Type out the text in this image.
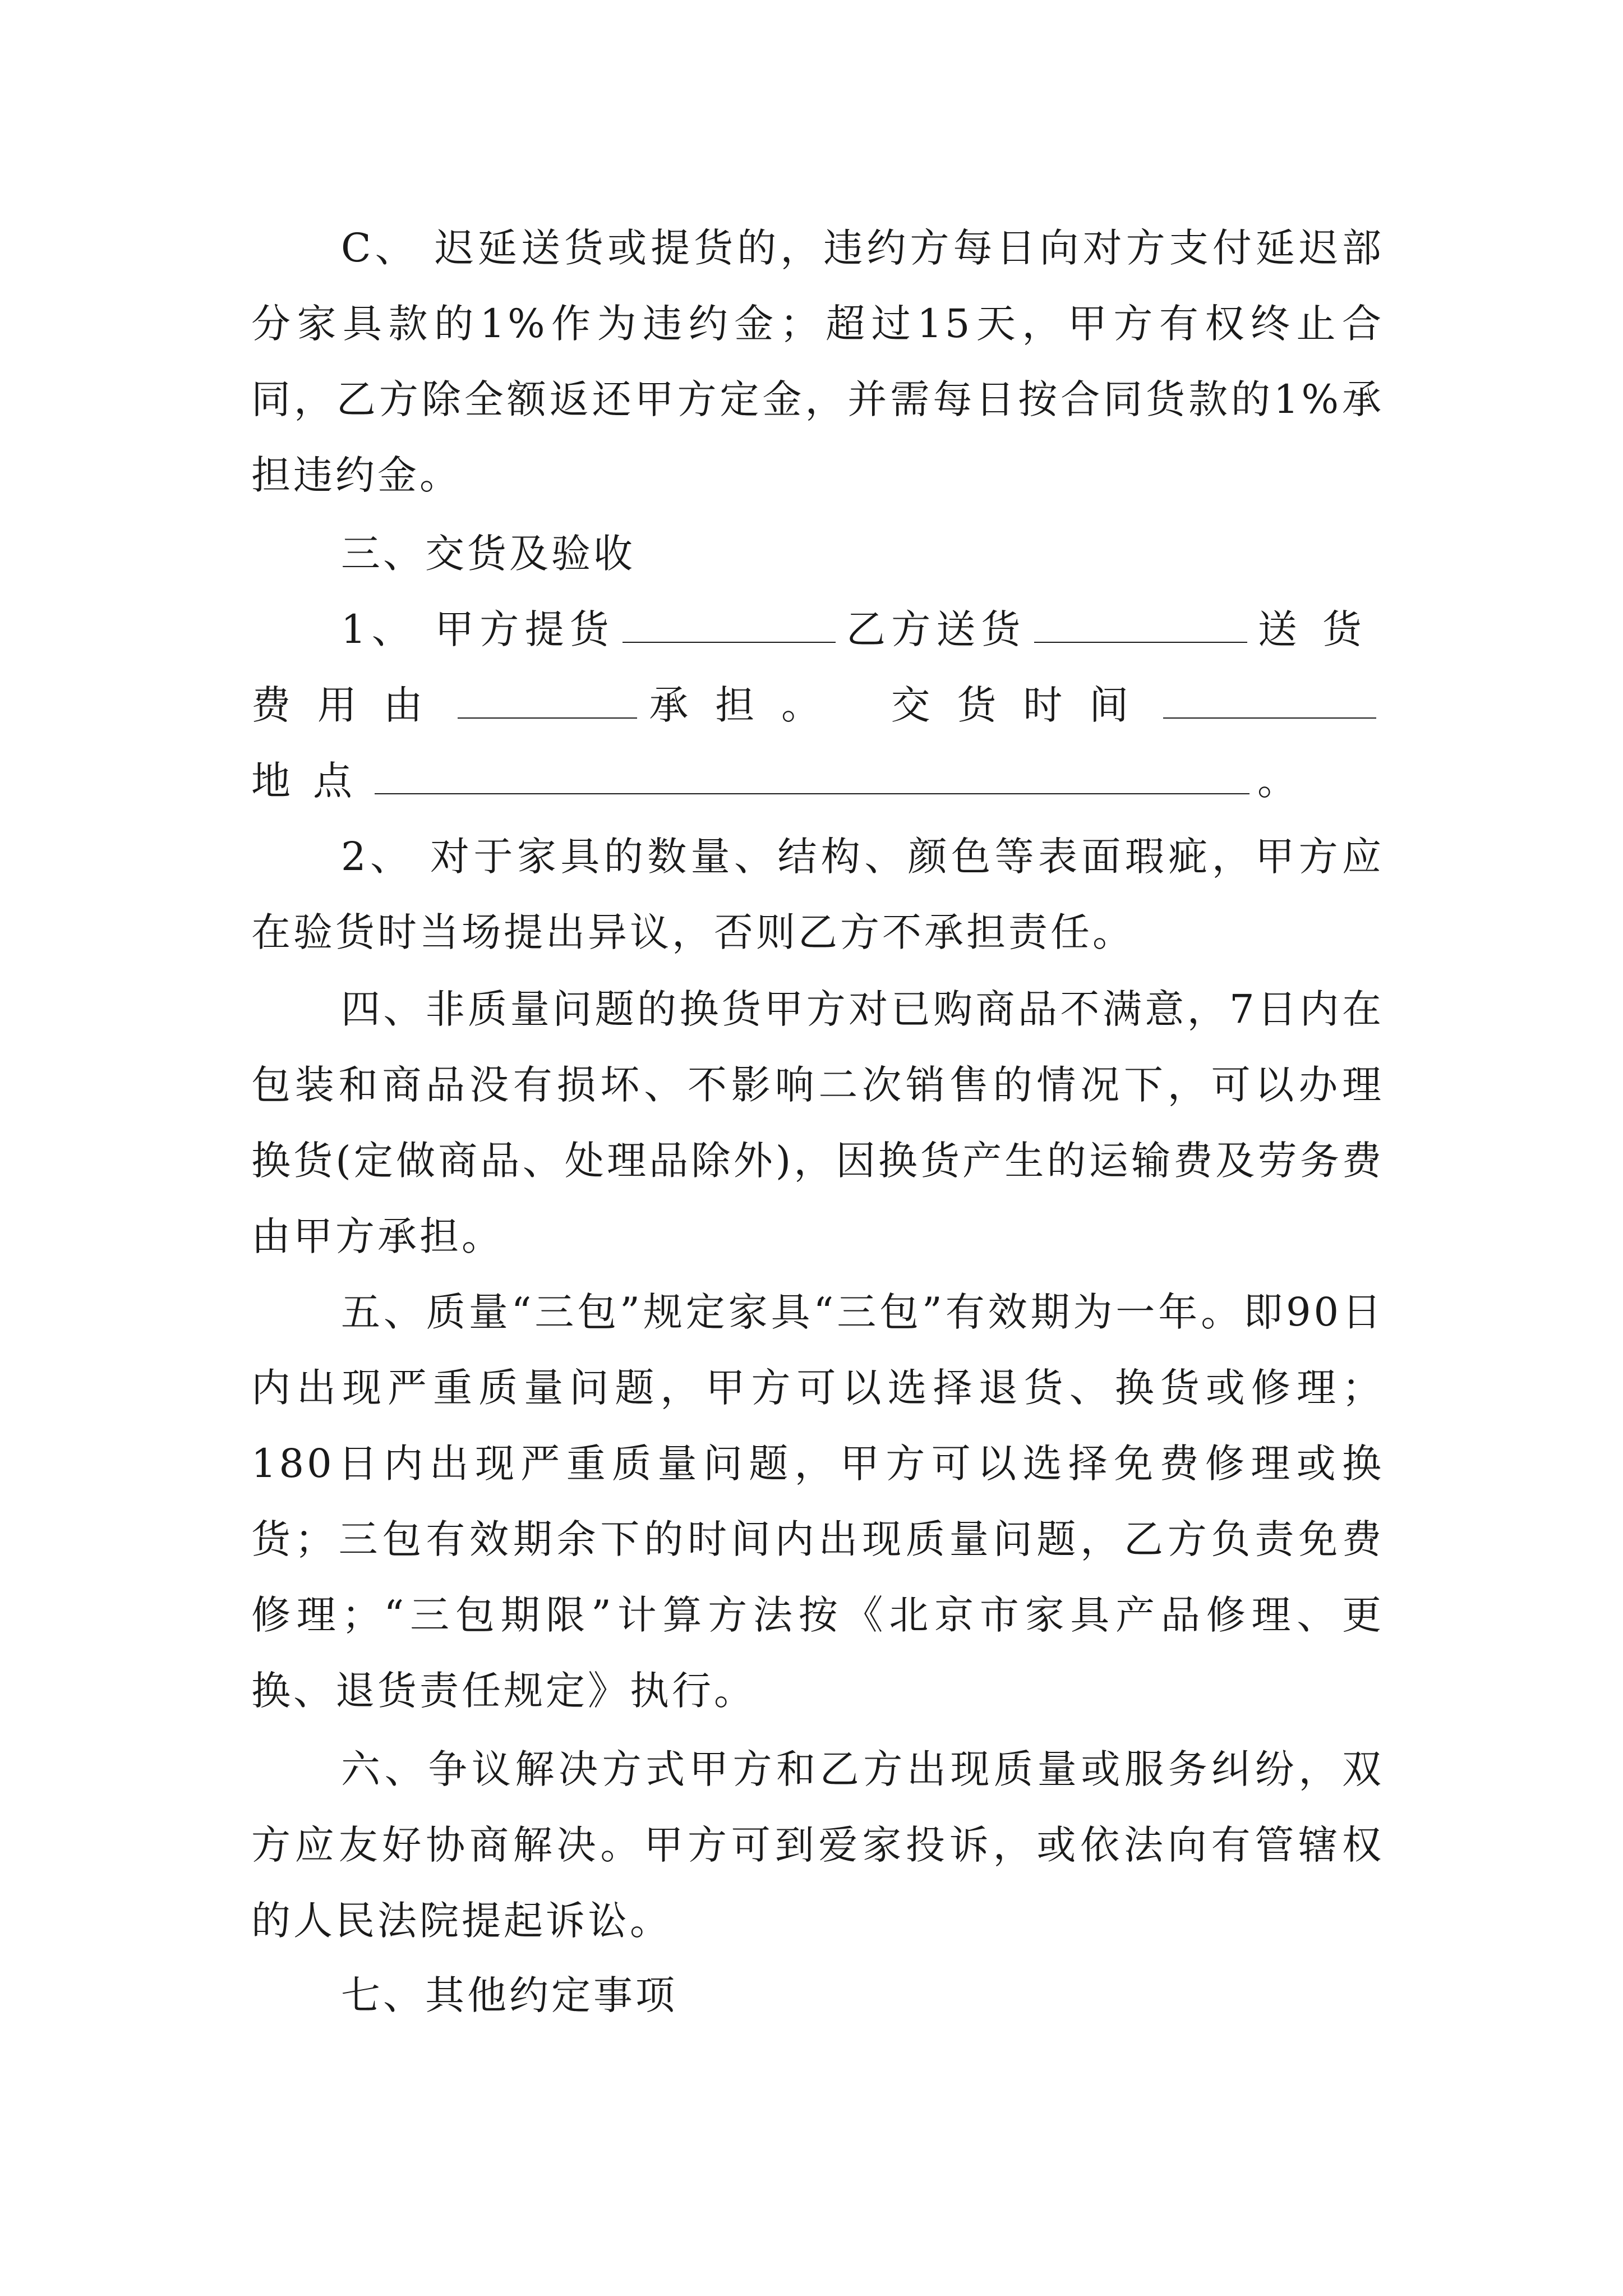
C、 迟延送货或提货的，违约方每日向对方支付延迟部分家具款的1%作为违约金；超过15天，甲方有权终止合同，乙方除全额返还甲方定金，并需每日按合同货款的1%承担违约金。

三、交货及验收

1、 甲方提货	乙方送货	送货费用由	承担。 交货时间地点	。

2、 对于家具的数量、结构、颜色等表面瑕疵，甲方应在验货时当场提出异议，否则乙方不承担责任。

四、非质量问题的换货甲方对已购商品不满意，7日内在包装和商品没有损坏、不影响二次销售的情况下，可以办理换货(定做商品、处理品除外)，因换货产生的运输费及劳务费由甲方承担。

五、质量“三包”规定家具“三包”有效期为一年。即90日内出现严重质量问题，甲方可以选择退货、换货或修理；180日内出现严重质量问题，甲方可以选择免费修理或换货；三包有效期余下的时间内出现质量问题，乙方负责免费修理；“三包期限”计算方法按《北京市家具产品修理、更换、退货责任规定》执行。

六、争议解决方式甲方和乙方出现质量或服务纠纷，双方应友好协商解决。甲方可到爱家投诉，或依法向有管辖权的人民法院提起诉讼。

七、其他约定事项
